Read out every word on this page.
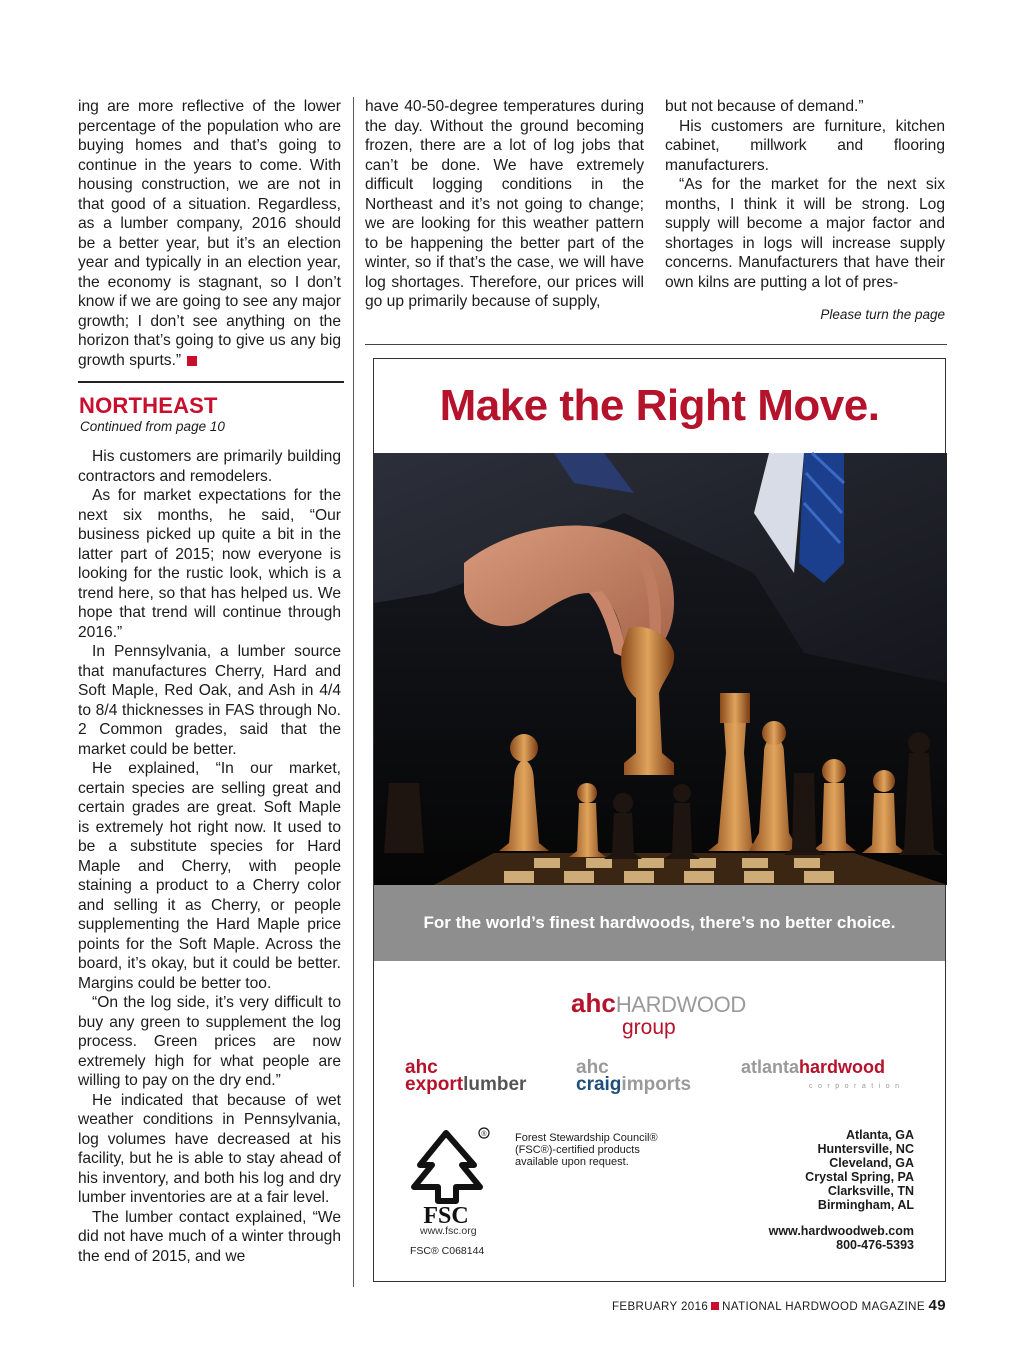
ing are more reflective of the lower percentage of the population who are buying homes and that’s going to continue in the years to come. With housing construction, we are not in that good of a situation. Regardless, as a lumber company, 2016 should be a better year, but it’s an election year and typically in an election year, the economy is stagnant, so I don’t know if we are going to see any major growth; I don’t see anything on the horizon that’s going to give us any big growth spurts.”

NORTHEAST
Continued from page 10

His customers are primarily building contractors and remodelers.

As for market expectations for the next six months, he said, “Our business picked up quite a bit in the latter part of 2015; now everyone is looking for the rustic look, which is a trend here, so that has helped us. We hope that trend will continue through 2016.”

In Pennsylvania, a lumber source that manufactures Cherry, Hard and Soft Maple, Red Oak, and Ash in 4/4 to 8/4 thicknesses in FAS through No. 2 Common grades, said that the market could be better.

He explained, “In our market, certain species are selling great and certain grades are great. Soft Maple is extremely hot right now. It used to be a substitute species for Hard Maple and Cherry, with people staining a product to a Cherry color and selling it as Cherry, or people supplementing the Hard Maple price points for the Soft Maple. Across the board, it’s okay, but it could be better. Margins could be better too.

“On the log side, it’s very difficult to buy any green to supplement the log process. Green prices are now extremely high for what people are willing to pay on the dry end.”

He indicated that because of wet weather conditions in Pennsylvania, log volumes have decreased at his facility, but he is able to stay ahead of his inventory, and both his log and dry lumber inventories are at a fair level.

The lumber contact explained, “We did not have much of a winter through the end of 2015, and we

have 40-50-degree temperatures during the day. Without the ground becoming frozen, there are a lot of log jobs that can’t be done. We have extremely difficult logging conditions in the Northeast and it’s not going to change; we are looking for this weather pattern to be happening the better part of the winter, so if that’s the case, we will have log shortages. Therefore, our prices will go up primarily because of supply,

but not because of demand.”

His customers are furniture, kitchen cabinet, millwork and flooring manufacturers.

“As for the market for the next six months, I think it will be strong. Log supply will become a major factor and shortages in logs will increase supply concerns. Manufacturers that have their own kilns are putting a lot of pres-

Please turn the page
Make the Right Move.
For the world’s finest hardwoods, there’s no better choice.
ahcHARDWOOD
group
ahc
exportlumber
ahc
craigimports
atlantahardwood
corporation
®
FSC
www.fsc.org
FSC® C068144
Forest Stewardship Council® (FSC®)-certified products available upon request.
Atlanta, GA
Huntersville, NC
Cleveland, GA
Crystal Spring, PA
Clarksville, TN
Birmingham, AL
www.hardwoodweb.com
800-476-5393
FEBRUARY 2016 NATIONAL HARDWOOD MAGAZINE 49
